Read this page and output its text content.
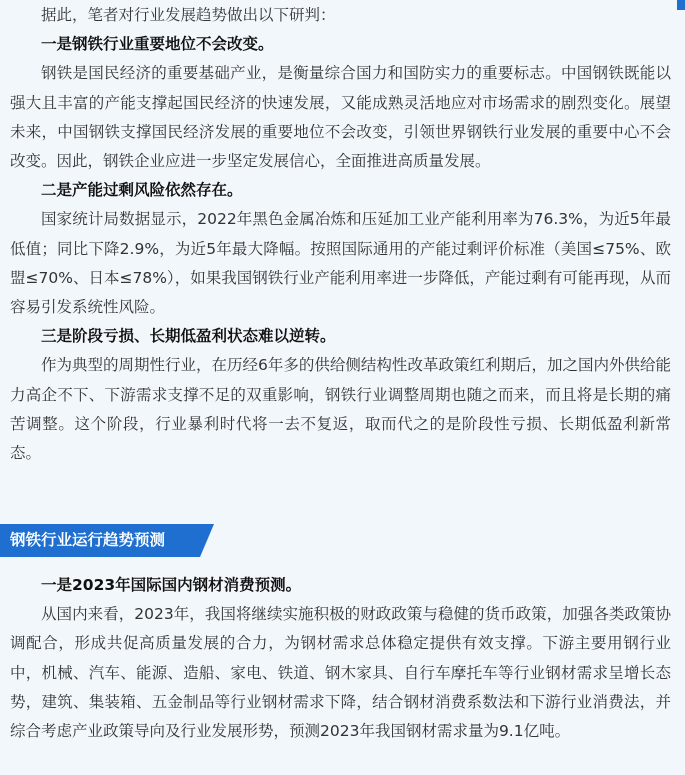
据此，笔者对行业发展趋势做出以下研判：

一是钢铁行业重要地位不会改变。

钢铁是国民经济的重要基础产业，是衡量综合国力和国防实力的重要标志。中国钢铁既能以强大且丰富的产能支撑起国民经济的快速发展，又能成熟灵活地应对市场需求的剧烈变化。展望未来，中国钢铁支撑国民经济发展的重要地位不会改变，引领世界钢铁行业发展的重要中心不会改变。因此，钢铁企业应进一步坚定发展信心，全面推进高质量发展。

二是产能过剩风险依然存在。

国家统计局数据显示，2022年黑色金属冶炼和压延加工业产能利用率为76.3%，为近5年最低值；同比下降2.9%，为近5年最大降幅。按照国际通用的产能过剩评价标准（美国≤75%、欧盟≤70%、日本≤78%），如果我国钢铁行业产能利用率进一步降低，产能过剩有可能再现，从而容易引发系统性风险。

三是阶段亏损、长期低盈利状态难以逆转。

作为典型的周期性行业，在历经6年多的供给侧结构性改革政策红利期后，加之国内外供给能力高企不下、下游需求支撑不足的双重影响，钢铁行业调整周期也随之而来，而且将是长期的痛苦调整。这个阶段，行业暴利时代将一去不复返，取而代之的是阶段性亏损、长期低盈利新常态。

钢铁行业运行趋势预测

一是2023年国际国内钢材消费预测。

从国内来看，2023年，我国将继续实施积极的财政政策与稳健的货币政策，加强各类政策协调配合，形成共促高质量发展的合力，为钢材需求总体稳定提供有效支撑。下游主要用钢行业中，机械、汽车、能源、造船、家电、铁道、钢木家具、自行车摩托车等行业钢材需求呈增长态势，建筑、集装箱、五金制品等行业钢材需求下降，结合钢材消费系数法和下游行业消费法，并综合考虑产业政策导向及行业发展形势，预测2023年我国钢材需求量为9.1亿吨。
